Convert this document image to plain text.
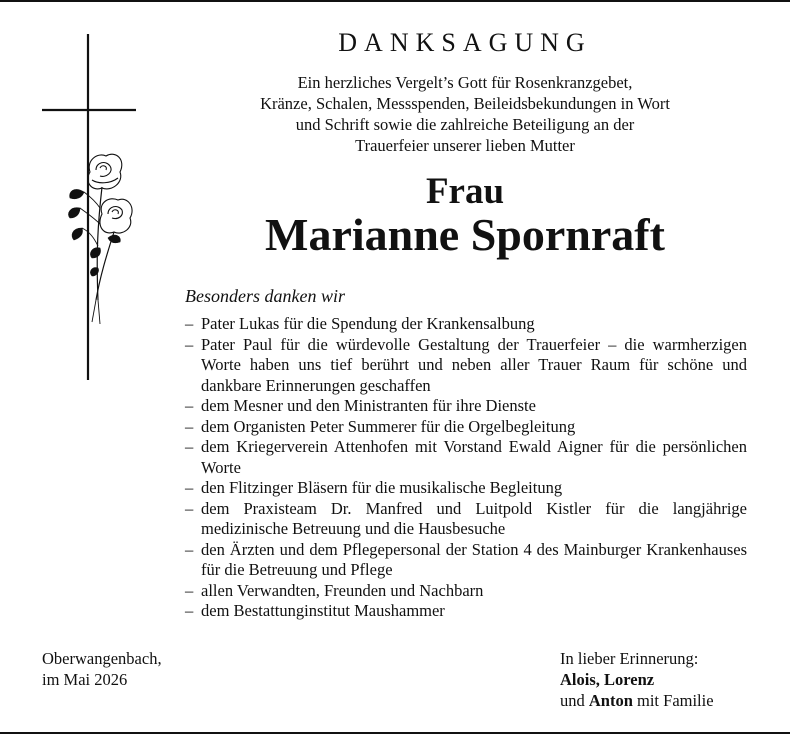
DANKSAGUNG
Ein herzliches Vergelt’s Gott für Rosenkranzgebet,
Kränze, Schalen, Messspenden, Beileidsbekundungen in Wort
und Schrift sowie die zahlreiche Beteiligung an der
Trauerfeier unserer lieben Mutter
Frau
Marianne Spornraft
Besonders danken wir
– Pater Lukas für die Spendung der Krankensalbung
– Pater Paul für die würdevolle Gestaltung der Trauerfeier – die warmherzigen Worte haben uns tief berührt und neben aller Trauer Raum für schöne und dankbare Erinnerungen geschaffen
– dem Mesner und den Ministranten für ihre Dienste
– dem Organisten Peter Summerer für die Orgelbegleitung
– dem Kriegerverein Attenhofen mit Vorstand Ewald Aigner für die persönlichen Worte
– den Flitzinger Bläsern für die musikalische Begleitung
– dem Praxisteam Dr. Manfred und Luitpold Kistler für die langjährige medizinische Betreuung und die Hausbesuche
– den Ärzten und dem Pflegepersonal der Station 4 des Mainburger Krankenhauses für die Betreuung und Pflege
– allen Verwandten, Freunden und Nachbarn
– dem Bestattunginstitut Maushammer
Oberwangenbach,
im Mai 2026
In lieber Erinnerung:
Alois, Lorenz
und Anton mit Familie
